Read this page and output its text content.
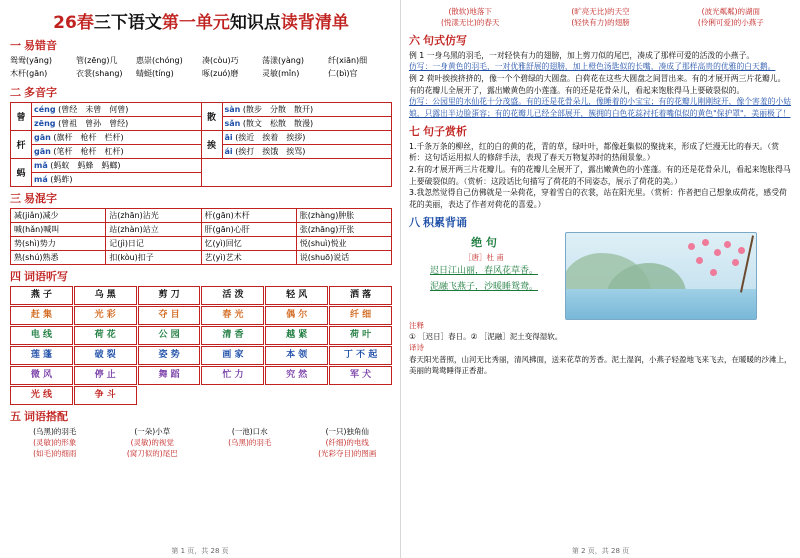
26春三下语文第一单元知识点读背清单
一 易错音
鸳鸯(yāng)	管(zēng)几	惠崇(chóng)	凑(còu)巧	荡漾(yàng)	纤(xiān)细
木杆(gān)	衣裳(shang)	蜻蜓(tíng)	啄(zuó)磨	灵敏(mǐn)	仁(bì)官
二 多音字
曾	céng (曾经　未曾　何曾)	散	sàn (散步　分散　散开)
	zēng (曾祖　曾孙　曾经)		sǎn (散文　松散　散漫)
杆	gān (旗杆　枪杆　栏杆)	挨	āi (挨近　挨着　挨拶)
	gān (笔杆　枪杆　杠杆)		ái (挨打　挨饿　挨骂)
蚂	mǎ (蚂蚁　蚂蜂　蚂螂)		
	má (蚂蚱)		
三 易混字
减(jiǎn)减少	沾(zhān)沾光	杆(gān)木杆	胀(zhàng)肿胀
喊(hǎn)喊叫	站(zhàn)站立	肝(gān)心肝	张(zhāng)开张
势(shì)势力	记(jì)日记	忆(yì)回忆	悦(shuì)悦业
熟(shú)熟悉	扣(kòu)扣子	艺(yì)艺术	说(shuō)说话
四 词语听写
燕 子	乌 黑	剪 刀	活 泼	轻 风	洒 落
赶 集	光 彩	夺 目	春 光	偶 尔	纤 细
电 线	荷 花	公 园	清 香	越 紧	荷 叶
莲 蓬	破 裂	姿 势	画 家	本 领	丁 不 起
微 风	停 止	舞 蹈	忙 力	究 然	军 犬
光 线	争 斗
五 词语搭配
(乌黑)的羽毛	(一朵)小草	(一池)口水	(一只)独角仙
(灵敏)的形象	(灵敏)的视觉	(乌黑)的羽毛	(纤细)的电线
(如毛)的细雨	(窝刀似的)尾巴	(光彩夺目)的图画
第 1 页，共 28 页
(散软)地落下	(旷亮无比)的天空	(波光粼粼)的湖面
(悦漾无比)的春天	(轻快有力)的翅膀	(伶俐可爱)的小燕子
六 句式仿写
例 1 一身乌黑的羽毛，一对轻快有力的翅膀，加上剪刀似的尾巴，凑成了那样可爱的活泼的小燕子。
仿写：一身黄色的羽毛，一对优雅舒展的翅膀，加上橙色汤匙似的长嘴，凑成了那样高贵的优雅的白天鹅。
例 2 荷叶挨挨挤挤的，像一个个碧绿的大圆盘。白荷花在这些大圆盘之间冒出来。有的才展开两三片花瓣儿。有的花瓣儿全展开了，露出嫩黄色的小莲蓬。有的还是花骨朵儿，看起来饱胀得马上要破裂似的。
仿写：公园里的水仙花十分茂盛。有的还是花骨朵儿，像睡着的小宝宝；有的花瓣儿刚刚绽开，像个害羞的小姑娘，只露出半边脸蛋容；有的花瓣儿已经全部展开，簇拥的白色花蕊衬托着嘴似似的黄色"保护罩"，美丽极了！
七 句子赏析
1.千条万条的柳丝，红的白的黄的花，青的草，绿叶叶，都像赶集似的聚拢来，形成了烂漫无比的春天。（赏析：这句话运用拟人的修辞手法，表现了春天万物复苏时的热闹景象。）
2.有的才展开两三片花瓣儿。有的花瓣儿全展开了，露出嫩黄色的小莲蓬。有的还是花骨朵儿，看起来饱胀得马上要破裂似的。（赏析：这段话比句描写了荷花的不同姿态，展示了荷花的美。）
3.我忽然觉得自己仿佛就是一朵荷花，穿着雪白的衣裳，站在阳光里。（赏析：作者把自己想象成荷花，感受荷花的美丽，表达了作者对荷花的喜爱。）
八 积累背诵
绝 句
［唐］杜 甫
迟日江山丽，春风花草香。
泥融飞燕子，沙暖睡鸳鸯。
注释
① ［迟日］春日。② ［泥融］泥土变得湿软。
译诗
春天阳光普照，山河无比秀丽，清风拂面，送来花草的芳香。泥土湿润，小燕子轻盈地飞来飞去，在暖暖的沙滩上，美丽的鸳鸯睡得正香甜。
第 2 页，共 28 页
